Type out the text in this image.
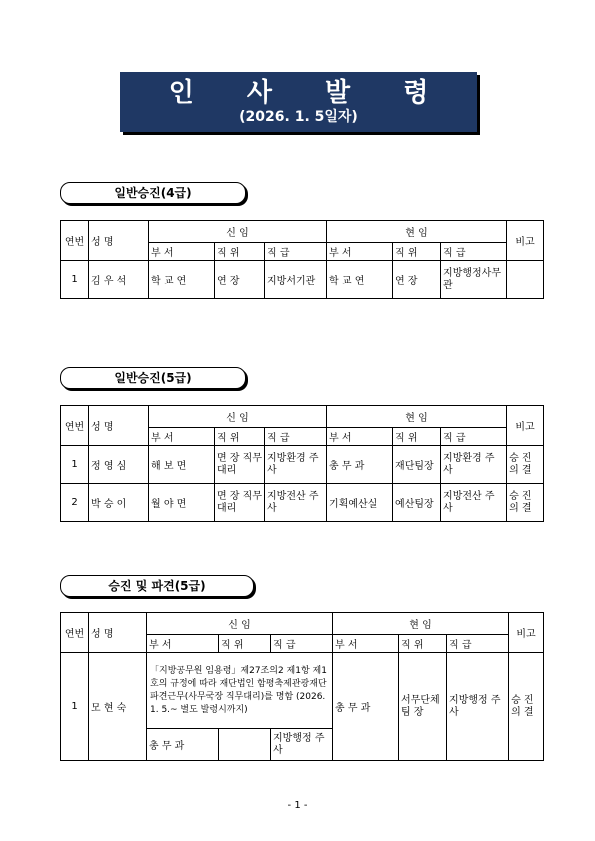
인 사 발 령
(2026. 1. 5일자)
일반승진(4급)
연번	성 명	신 임			현 임			비고
		부 서	직 위	직 급	부 서	직 위	직 급	
1	김 우 석	학 교 연	연 장	지방서기관	학 교 연	연 장	지방행정사무관	
일반승진(5급)
연번	성 명	신 임			현 임			비고
		부 서	직 위	직 급	부 서	직 위	직 급	
1	정 영 심	해 보 면	면 장 직무대리	지방환경 주 사	총 무 과	재단팀장	지방환경 주 사	승 진 의 결
2	박 승 이	월 야 면	면 장 직무대리	지방전산 주 사	기획예산실	예산팀장	지방전산 주 사	승 진 의 결
승진 및 파견(5급)
연번	성 명	신 임			현 임			비고
		부 서	직 위	직 급	부 서	직 위	직 급	
1	모 현 숙	「지방공무원 임용령」제27조의2 제1항 제1호의 규정에 따라 재단법인 함평축제관광재단 파견근무(사무국장 직무대리)를 명함 (2026. 1. 5.~ 별도 발령시까지)			총 무 과	서무단체 팀 장	지방행정 주 사	승 진 의 결
		총 무 과		지방행정 주 사				
- 1 -
